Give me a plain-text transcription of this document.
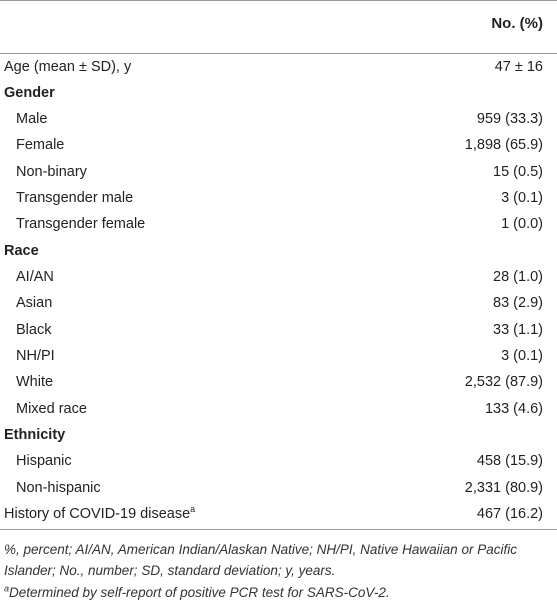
No. (%)
Age (mean ± SD), y	47 ± 16
Gender
Male	959 (33.3)
Female	1,898 (65.9)
Non-binary	15 (0.5)
Transgender male	3 (0.1)
Transgender female	1 (0.0)
Race
AI/AN	28 (1.0)
Asian	83 (2.9)
Black	33 (1.1)
NH/PI	3 (0.1)
White	2,532 (87.9)
Mixed race	133 (4.6)
Ethnicity
Hispanic	458 (15.9)
Non-hispanic	2,331 (80.9)
History of COVID-19 disease$^a$	467 (16.2)

%, percent; AI/AN, American Indian/Alaskan Native; NH/PI, Native Hawaiian or Pacific Islander; No., number; SD, standard deviation; y, years.

$^a$Determined by self-report of positive PCR test for SARS-CoV-2.
